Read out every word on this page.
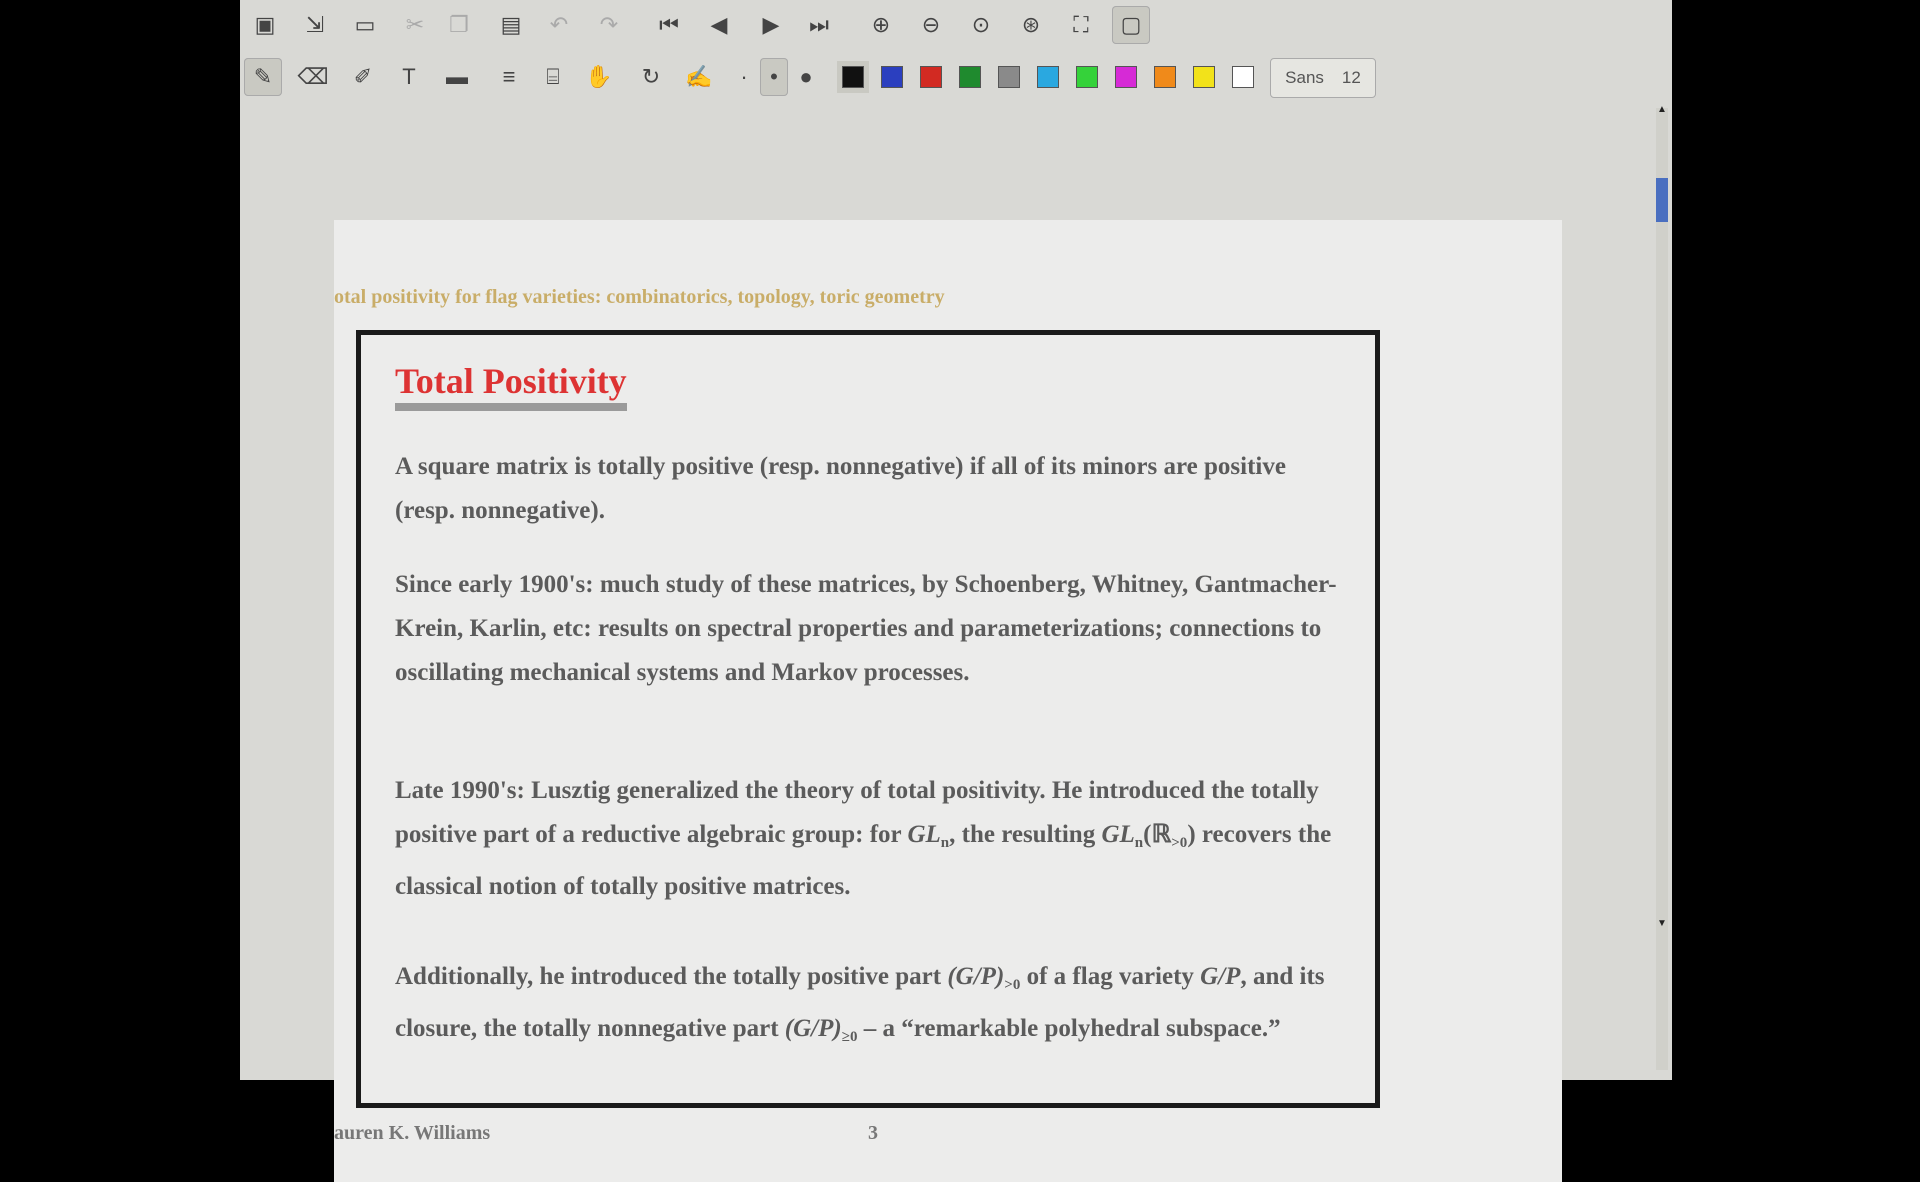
▣	⇲	▭	✂	❐	▤	↶	↷	⏮	◀	▶	⏭	⊕	⊖	⊙	⊛	⛶	▢
✎	⌫	✐	T	▬	≡	⌸	✋	↻	✍	·	• ●	Sans 12
otal positivity for flag varieties: combinatorics, topology, toric geometry
Total Positivity
A square matrix is totally positive (resp. nonnegative) if all of its minors are positive (resp. nonnegative).
Since early 1900's: much study of these matrices, by Schoenberg, Whitney, Gantmacher-Krein, Karlin, etc: results on spectral properties and parameterizations; connections to oscillating mechanical systems and Markov processes.
Late 1990's: Lusztig generalized the theory of total positivity. He introduced the totally positive part of a reductive algebraic group: for $GL_n$, the resulting $GL_n(ℝ_{>0})$ recovers the classical notion of totally positive matrices.
Additionally, he introduced the totally positive part $(G/P)_{>0}$ of a flag variety G/P, and its closure, the totally nonnegative part $(G/P)_{\ge 0}$ – a “remarkable polyhedral subspace.”
auren K. Williams	3
▲
▼
